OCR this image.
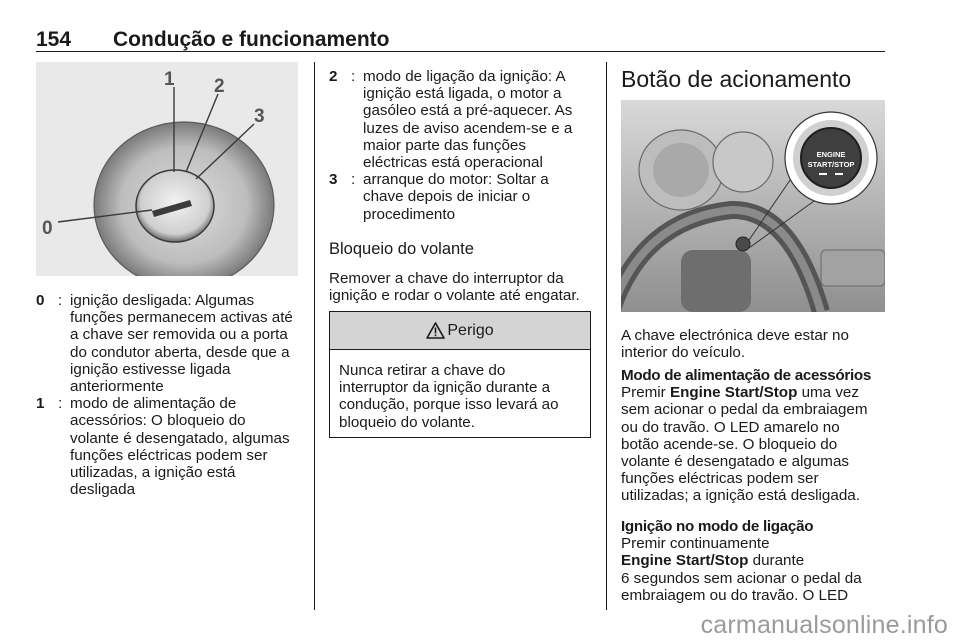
154 Condução e funcionamento
0
1 2
3
0 : ignição desligada: Algumas
funções permanecem activas até
a chave ser removida ou a porta
do condutor aberta, desde que a
ignição estivesse ligada
anteriormente
1 : modo de alimentação de
acessórios: O bloqueio do
volante é desengatado, algumas
funções eléctricas podem ser
utilizadas, a ignição está
desligada
2 : modo de ligação da ignição: A
ignição está ligada, o motor a
gasóleo está a pré-aquecer. As
luzes de aviso acendem-se e a
maior parte das funções
eléctricas está operacional
3 : arranque do motor: Soltar a
chave depois de iniciar o
procedimento
Bloqueio do volante
Remover a chave do interruptor da
ignição e rodar o volante até engatar.
Perigo
Nunca retirar a chave do
interruptor da ignição durante a
condução, porque isso levará ao
bloqueio do volante.
Botão de acionamento
ENGINE
START/STOP
A chave electrónica deve estar no
interior do veículo.
Modo de alimentação de acessórios
Premir Engine Start/Stop uma vez
sem acionar o pedal da embraiagem
ou do travão. O LED amarelo no
botão acende-se. O bloqueio do
volante é desengatado e algumas
funções eléctricas podem ser
utilizadas; a ignição está desligada.
Ignição no modo de ligação
Premir continuamente
Engine Start/Stop durante
6 segundos sem acionar o pedal da
embraiagem ou do travão. O LED
carmanualsonline.info
